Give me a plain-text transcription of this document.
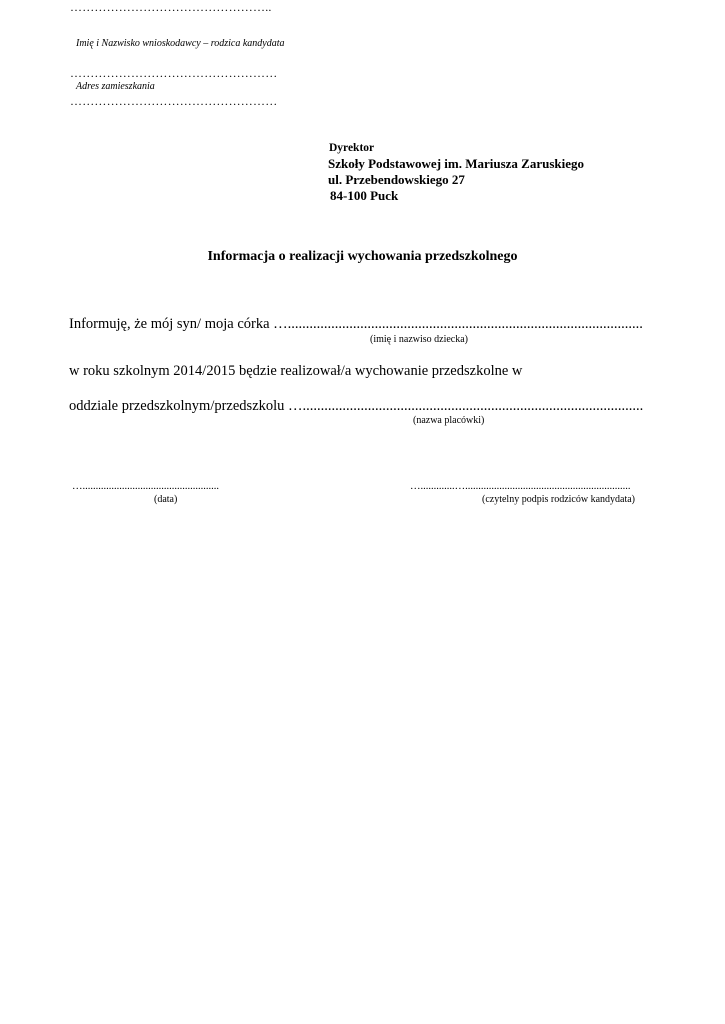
…………………………………………..
Imię i Nazwisko wnioskodawcy – rodzica kandydata
……………………………………………
Adres zamieszkania
……………………………………………
Dyrektor
Szkoły Podstawowej im. Mariusza Zaruskiego
ul. Przebendowskiego 27
84-100 Puck
Informacja o realizacji wychowania przedszkolnego
Informuję, że mój syn/ moja córka …..................................................................................................
(imię i nazwiso dziecka)
w roku szkolnym 2014/2015 będzie realizował/a wychowanie przedszkolne w
oddziale przedszkolnym/przedszkolu …..............................................................................................
(nazwa placówki)
…....................................................
(data)
….............…...............................................................
(czytelny podpis rodziców kandydata)
